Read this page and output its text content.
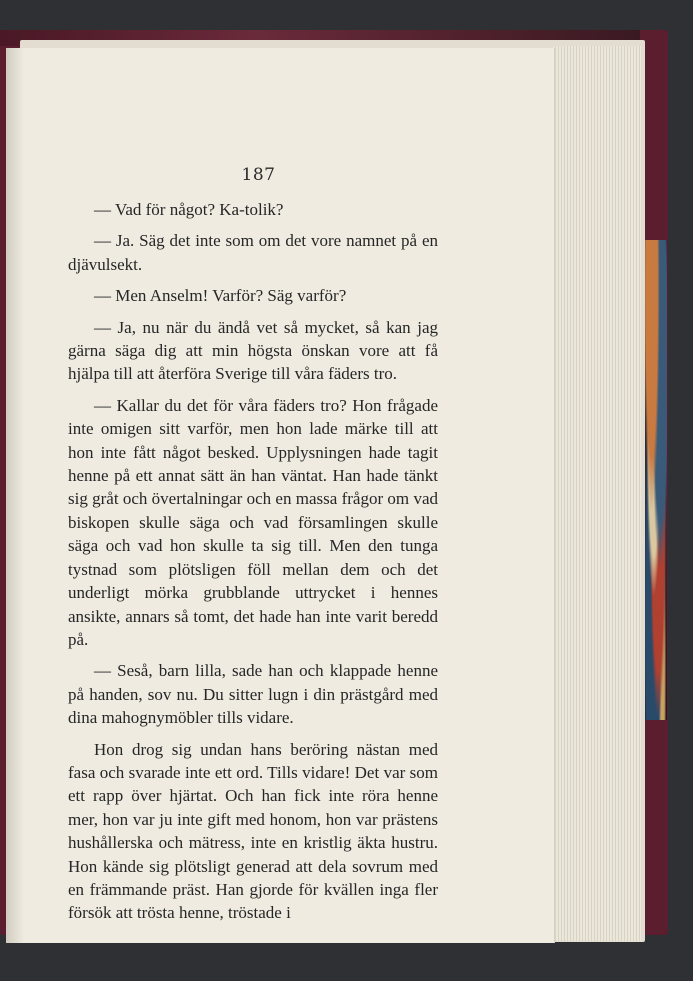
187

— Vad för något? Ka-tolik?

— Ja. Säg det inte som om det vore namnet på en djävulsekt.

— Men Anselm! Varför? Säg varför?

— Ja, nu när du ändå vet så mycket, så kan jag gärna säga dig att min högsta önskan vore att få hjälpa till att återföra Sverige till våra fäders tro.

— Kallar du det för våra fäders tro? Hon frågade inte omigen sitt varför, men hon lade märke till att hon inte fått något besked. Upplysningen hade tagit henne på ett annat sätt än han väntat. Han hade tänkt sig gråt och övertalningar och en massa frågor om vad biskopen skulle säga och vad församlingen skulle säga och vad hon skulle ta sig till. Men den tunga tystnad som plötsligen föll mellan dem och det underligt mörka grubblande uttrycket i hennes ansikte, annars så tomt, det hade han inte varit beredd på.

— Seså, barn lilla, sade han och klappade henne på handen, sov nu. Du sitter lugn i din prästgård med dina mahognymöbler tills vidare.

Hon drog sig undan hans beröring nästan med fasa och svarade inte ett ord. Tills vidare! Det var som ett rapp över hjärtat. Och han fick inte röra henne mer, hon var ju inte gift med honom, hon var prästens hushållerska och mätress, inte en kristlig äkta hustru. Hon kände sig plötsligt generad att dela sovrum med en främmande präst. Han gjorde för kvällen inga fler försök att trösta henne, tröstade i
